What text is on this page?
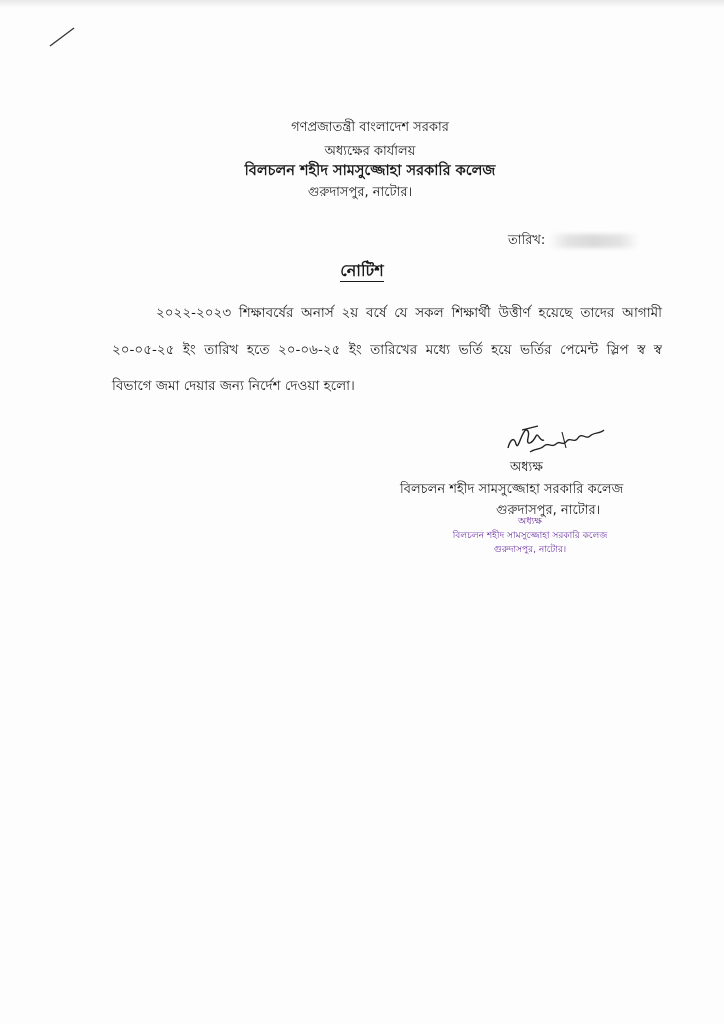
গণপ্রজাতন্ত্রী বাংলাদেশ সরকার
অধ্যক্ষের কার্যালয়
বিলচলন শহীদ সামসুজ্জোহা সরকারি কলেজ
গুরুদাসপুর, নাটোর।
তারিখ:
নোটিশ
২০২২-২০২৩ শিক্ষাবর্ষের অনার্স ২য় বর্ষে যে সকল শিক্ষার্থী উত্তীর্ণ হয়েছে তাদের আগামী
২০-০৫-২৫ ইং তারিখ হতে ২০-০৬-২৫ ইং তারিখের মধ্যে ভর্তি হয়ে ভর্তির পেমেন্ট স্লিপ স্ব স্ব
বিভাগে জমা দেয়ার জন্য নির্দেশ দেওয়া হলো।
অধ্যক্ষ
বিলচলন শহীদ সামসুজ্জোহা সরকারি কলেজ
গুরুদাসপুর, নাটোর।
অধ্যক্ষ
বিলচলন শহীদ সামসুজ্জোহা সরকারি কলেজ
গুরুদাসপুর, নাটোর।
